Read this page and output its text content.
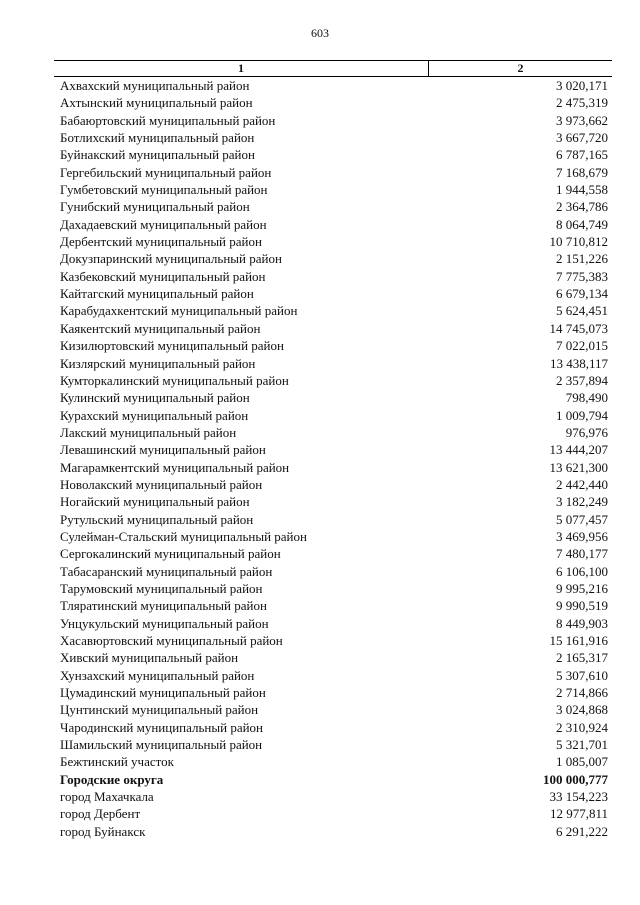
603
1	2
Ахвахский муниципальный район	3 020,171
Ахтынский муниципальный район	2 475,319
Бабаюртовский муниципальный район	3 973,662
Ботлихский муниципальный район	3 667,720
Буйнакский муниципальный район	6 787,165
Гергебильский муниципальный район	7 168,679
Гумбетовский муниципальный район	1 944,558
Гунибский муниципальный район	2 364,786
Дахадаевский муниципальный район	8 064,749
Дербентский муниципальный район	10 710,812
Докузпаринский муниципальный район	2 151,226
Казбековский муниципальный район	7 775,383
Кайтагский муниципальный район	6 679,134
Карабудахкентский муниципальный район	5 624,451
Каякентский муниципальный район	14 745,073
Кизилюртовский муниципальный район	7 022,015
Кизлярский муниципальный район	13 438,117
Кумторкалинский муниципальный район	2 357,894
Кулинский муниципальный район	798,490
Курахский муниципальный район	1 009,794
Лакский муниципальный район	976,976
Левашинский муниципальный район	13 444,207
Магарамкентский муниципальный район	13 621,300
Новолакский муниципальный район	2 442,440
Ногайский муниципальный район	3 182,249
Рутульский муниципальный район	5 077,457
Сулейман-Стальский муниципальный район	3 469,956
Сергокалинский муниципальный район	7 480,177
Табасаранский муниципальный район	6 106,100
Тарумовский муниципальный район	9 995,216
Тляратинский муниципальный район	9 990,519
Унцукульский муниципальный район	8 449,903
Хасавюртовский муниципальный район	15 161,916
Хивский муниципальный район	2 165,317
Хунзахский муниципальный район	5 307,610
Цумадинский муниципальный район	2 714,866
Цунтинский муниципальный район	3 024,868
Чародинский муниципальный район	2 310,924
Шамильский муниципальный район	5 321,701
Бежтинский участок	1 085,007
Городские округа	100 000,777
город Махачкала	33 154,223
город Дербент	12 977,811
город Буйнакск	6 291,222
